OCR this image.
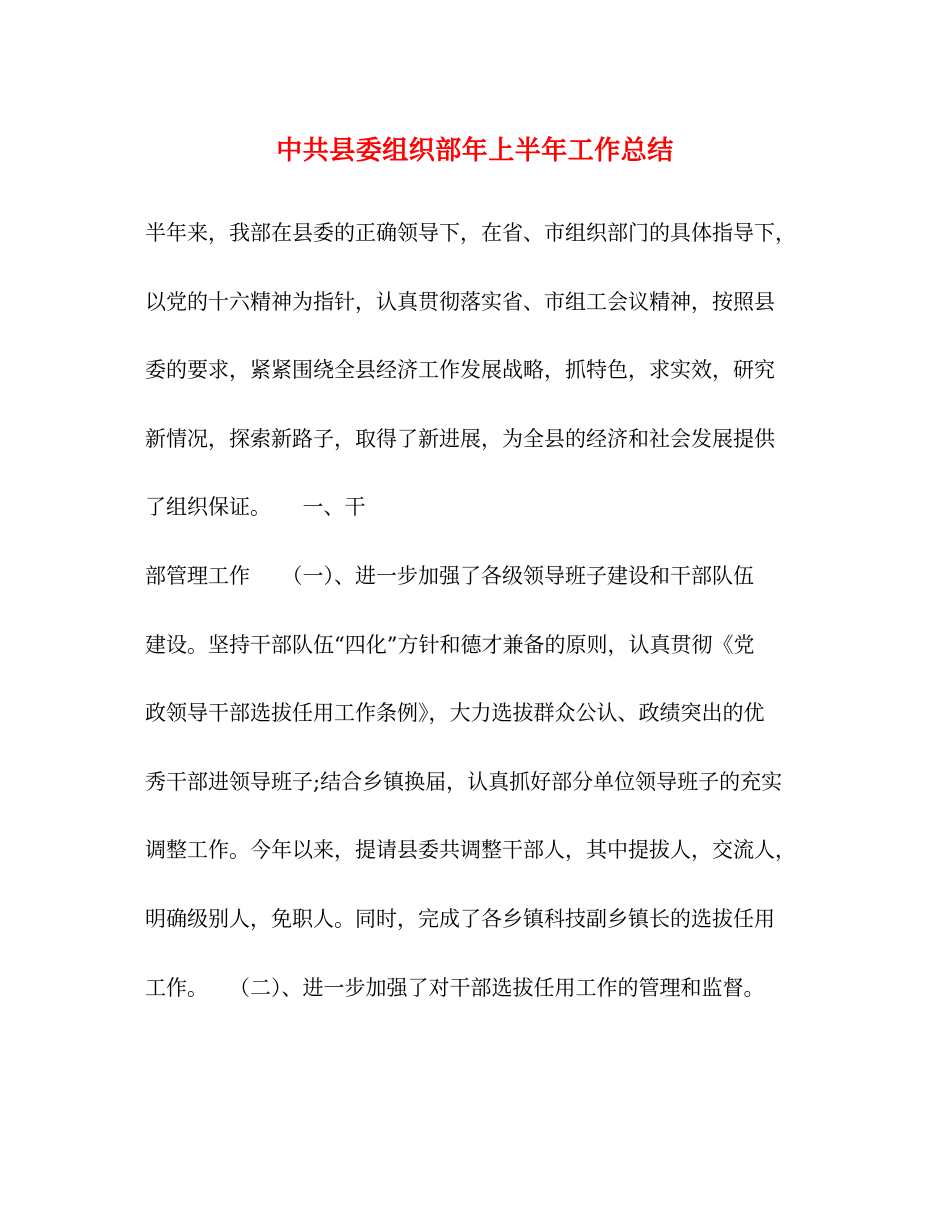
中共县委组织部年上半年工作总结
半年来，我部在县委的正确领导下，在省、市组织部门的具体指导下，
以党的十六精神为指针，认真贯彻落实省、市组工会议精神，按照县
委的要求，紧紧围绕全县经济工作发展战略，抓特色，求实效，研究
新情况，探索新路子，取得了新进展，为全县的经济和社会发展提供
了组织保证。　　一、干
部管理工作　　（一）、进一步加强了各级领导班子建设和干部队伍
建设。坚持干部队伍“四化”方针和德才兼备的原则，认真贯彻《党
政领导干部选拔任用工作条例》，大力选拔群众公认、政绩突出的优
秀干部进领导班子;结合乡镇换届，认真抓好部分单位领导班子的充实
调整工作。今年以来，提请县委共调整干部人，其中提拔人，交流人，
明确级别人，免职人。同时，完成了各乡镇科技副乡镇长的选拔任用
工作。　　（二）、进一步加强了对干部选拔任用工作的管理和监督。
